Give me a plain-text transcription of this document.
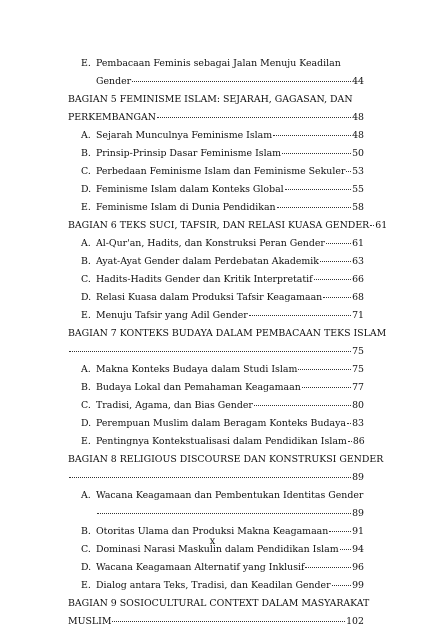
E. Pembacaan Feminis sebagai Jalan Menuju Keadilan
Gender	44
BAGIAN 5 FEMINISME ISLAM: SEJARAH, GAGASAN, DAN
PERKEMBANGAN	48
A. Sejarah Munculnya Feminisme Islam	48
B. Prinsip-Prinsip Dasar Feminisme Islam	50
C. Perbedaan Feminisme Islam dan Feminisme Sekuler 53
D. Feminisme Islam dalam Konteks Global	55
E. Feminisme Islam di Dunia Pendidikan	58
BAGIAN 6 TEKS SUCI, TAFSIR, DAN RELASI KUASA GENDER 61
A. Al-Qur'an, Hadits, dan Konstruksi Peran Gender	61
B. Ayat-Ayat Gender dalam Perdebatan Akademik	63
C. Hadits-Hadits Gender dan Kritik Interpretatif	66
D. Relasi Kuasa dalam Produksi Tafsir Keagamaan	68
E. Menuju Tafsir yang Adil Gender	71
BAGIAN 7 KONTEKS BUDAYA DALAM PEMBACAAN TEKS ISLAM
75
A. Makna Konteks Budaya dalam Studi Islam	75
B. Budaya Lokal dan Pemahaman Keagamaan	77
C. Tradisi, Agama, dan Bias Gender	80
D. Perempuan Muslim dalam Beragam Konteks Budaya 83
E. Pentingnya Kontekstualisasi dalam Pendidikan Islam 86
BAGIAN 8 RELIGIOUS DISCOURSE DAN KONSTRUKSI GENDER
89
A. Wacana Keagamaan dan Pembentukan Identitas Gender
89
B. Otoritas Ulama dan Produksi Makna Keagamaan	91
C. Dominasi Narasi Maskulin dalam Pendidikan Islam 94
D. Wacana Keagamaan Alternatif yang Inklusif	96
E. Dialog antara Teks, Tradisi, dan Keadilan Gender 99
BAGIAN 9 SOSIOCULTURAL CONTEXT DALAM MASYARAKAT
MUSLIM	102
x
